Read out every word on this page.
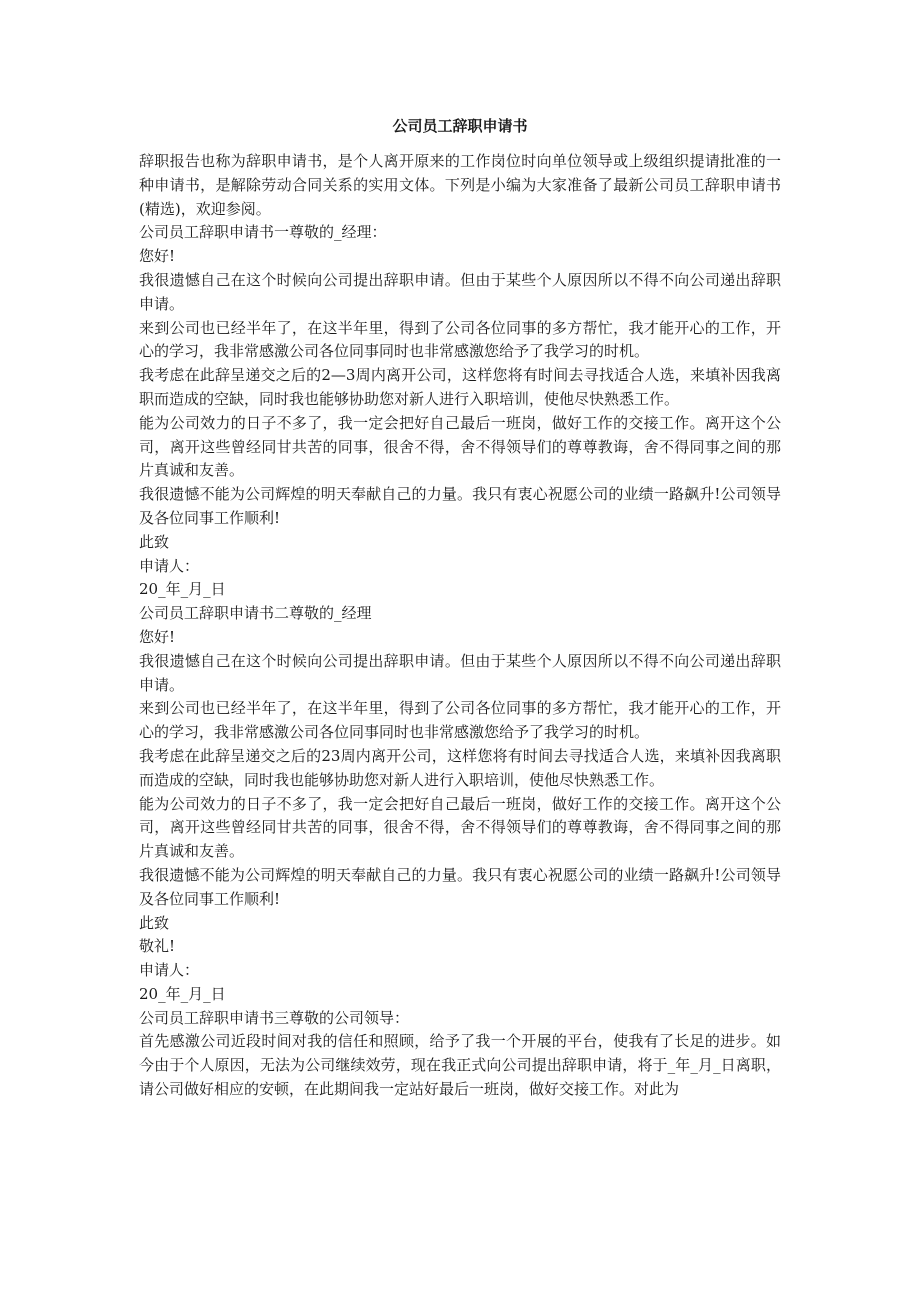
公司员工辞职申请书

辞职报告也称为辞职申请书，是个人离开原来的工作岗位时向单位领导或上级组织提请批准的一种申请书，是解除劳动合同关系的实用文体。下列是小编为大家准备了最新公司员工辞职申请书(精选)，欢迎参阅。

公司员工辞职申请书一尊敬的_经理：

您好!

我很遗憾自己在这个时候向公司提出辞职申请。但由于某些个人原因所以不得不向公司递出辞职申请。

来到公司也已经半年了，在这半年里，得到了公司各位同事的多方帮忙，我才能开心的工作，开心的学习，我非常感激公司各位同事同时也非常感激您给予了我学习的时机。

我考虑在此辞呈递交之后的2—3周内离开公司，这样您将有时间去寻找适合人选，来填补因我离职而造成的空缺，同时我也能够协助您对新人进行入职培训，使他尽快熟悉工作。

能为公司效力的日子不多了，我一定会把好自己最后一班岗，做好工作的交接工作。离开这个公司，离开这些曾经同甘共苦的同事，很舍不得，舍不得领导们的尊尊教诲，舍不得同事之间的那片真诚和友善。

我很遗憾不能为公司辉煌的明天奉献自己的力量。我只有衷心祝愿公司的业绩一路飙升!公司领导及各位同事工作顺利!

此致

申请人：

20_年_月_日

公司员工辞职申请书二尊敬的_经理

您好!

我很遗憾自己在这个时候向公司提出辞职申请。但由于某些个人原因所以不得不向公司递出辞职申请。

来到公司也已经半年了，在这半年里，得到了公司各位同事的多方帮忙，我才能开心的工作，开心的学习，我非常感激公司各位同事同时也非常感激您给予了我学习的时机。

我考虑在此辞呈递交之后的23周内离开公司，这样您将有时间去寻找适合人选，来填补因我离职而造成的空缺，同时我也能够协助您对新人进行入职培训，使他尽快熟悉工作。

能为公司效力的日子不多了，我一定会把好自己最后一班岗，做好工作的交接工作。离开这个公司，离开这些曾经同甘共苦的同事，很舍不得，舍不得领导们的尊尊教诲，舍不得同事之间的那片真诚和友善。

我很遗憾不能为公司辉煌的明天奉献自己的力量。我只有衷心祝愿公司的业绩一路飙升!公司领导及各位同事工作顺利!

此致

敬礼!

申请人：

20_年_月_日

公司员工辞职申请书三尊敬的公司领导：

首先感激公司近段时间对我的信任和照顾，给予了我一个开展的平台，使我有了长足的进步。如今由于个人原因，无法为公司继续效劳，现在我正式向公司提出辞职申请，将于_年_月_日离职，请公司做好相应的安顿，在此期间我一定站好最后一班岗，做好交接工作。对此为
